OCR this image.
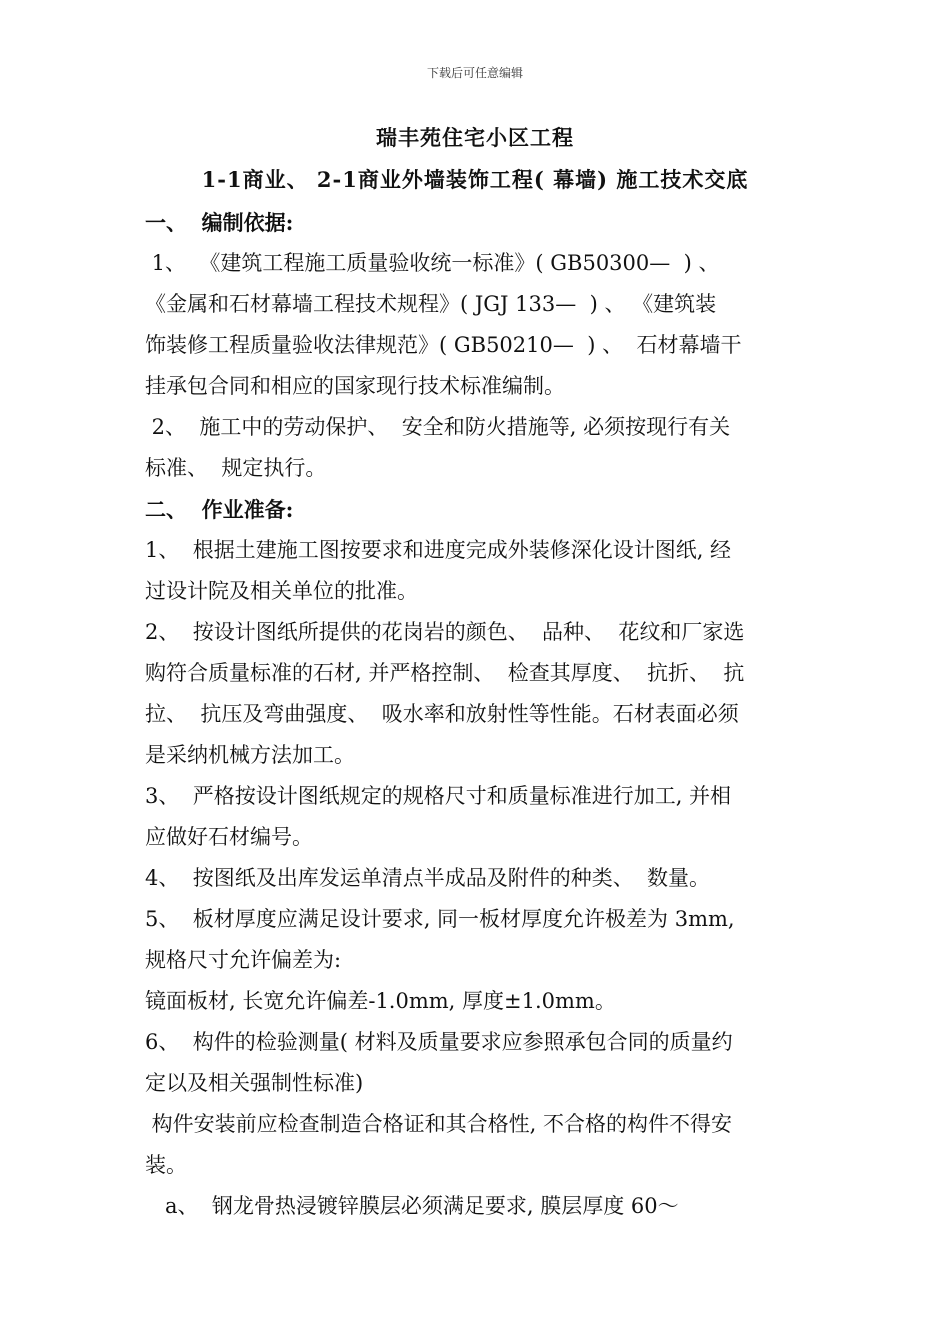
下载后可任意编辑
瑞丰苑住宅小区工程
1-1商业、 2-1商业外墙装饰工程( 幕墙) 施工技术交底
一、  编制依据:
1、  《建筑工程施工质量验收统一标准》( GB50300—  ) 、
《金属和石材幕墙工程技术规程》( JGJ 133—  ) 、 《建筑装
饰装修工程质量验收法律规范》( GB50210—  ) 、  石材幕墙干
挂承包合同和相应的国家现行技术标准编制。
2、  施工中的劳动保护、  安全和防火措施等, 必须按现行有关
标准、  规定执行。
二、  作业准备:
1、  根据土建施工图按要求和进度完成外装修深化设计图纸, 经
过设计院及相关单位的批准。
2、  按设计图纸所提供的花岗岩的颜色、  品种、  花纹和厂家选
购符合质量标准的石材, 并严格控制、  检查其厚度、  抗折、  抗
拉、  抗压及弯曲强度、  吸水率和放射性等性能。石材表面必须
是采纳机械方法加工。
3、  严格按设计图纸规定的规格尺寸和质量标准进行加工, 并相
应做好石材编号。
4、  按图纸及出库发运单清点半成品及附件的种类、  数量。
5、  板材厚度应满足设计要求, 同一板材厚度允许极差为 3mm,
规格尺寸允许偏差为:
镜面板材, 长宽允许偏差-1.0mm, 厚度±1.0mm。
6、  构件的检验测量( 材料及质量要求应参照承包合同的质量约
定以及相关强制性标准)
构件安装前应检查制造合格证和其合格性, 不合格的构件不得安
装。
a、  钢龙骨热浸镀锌膜层必须满足要求, 膜层厚度 60～
